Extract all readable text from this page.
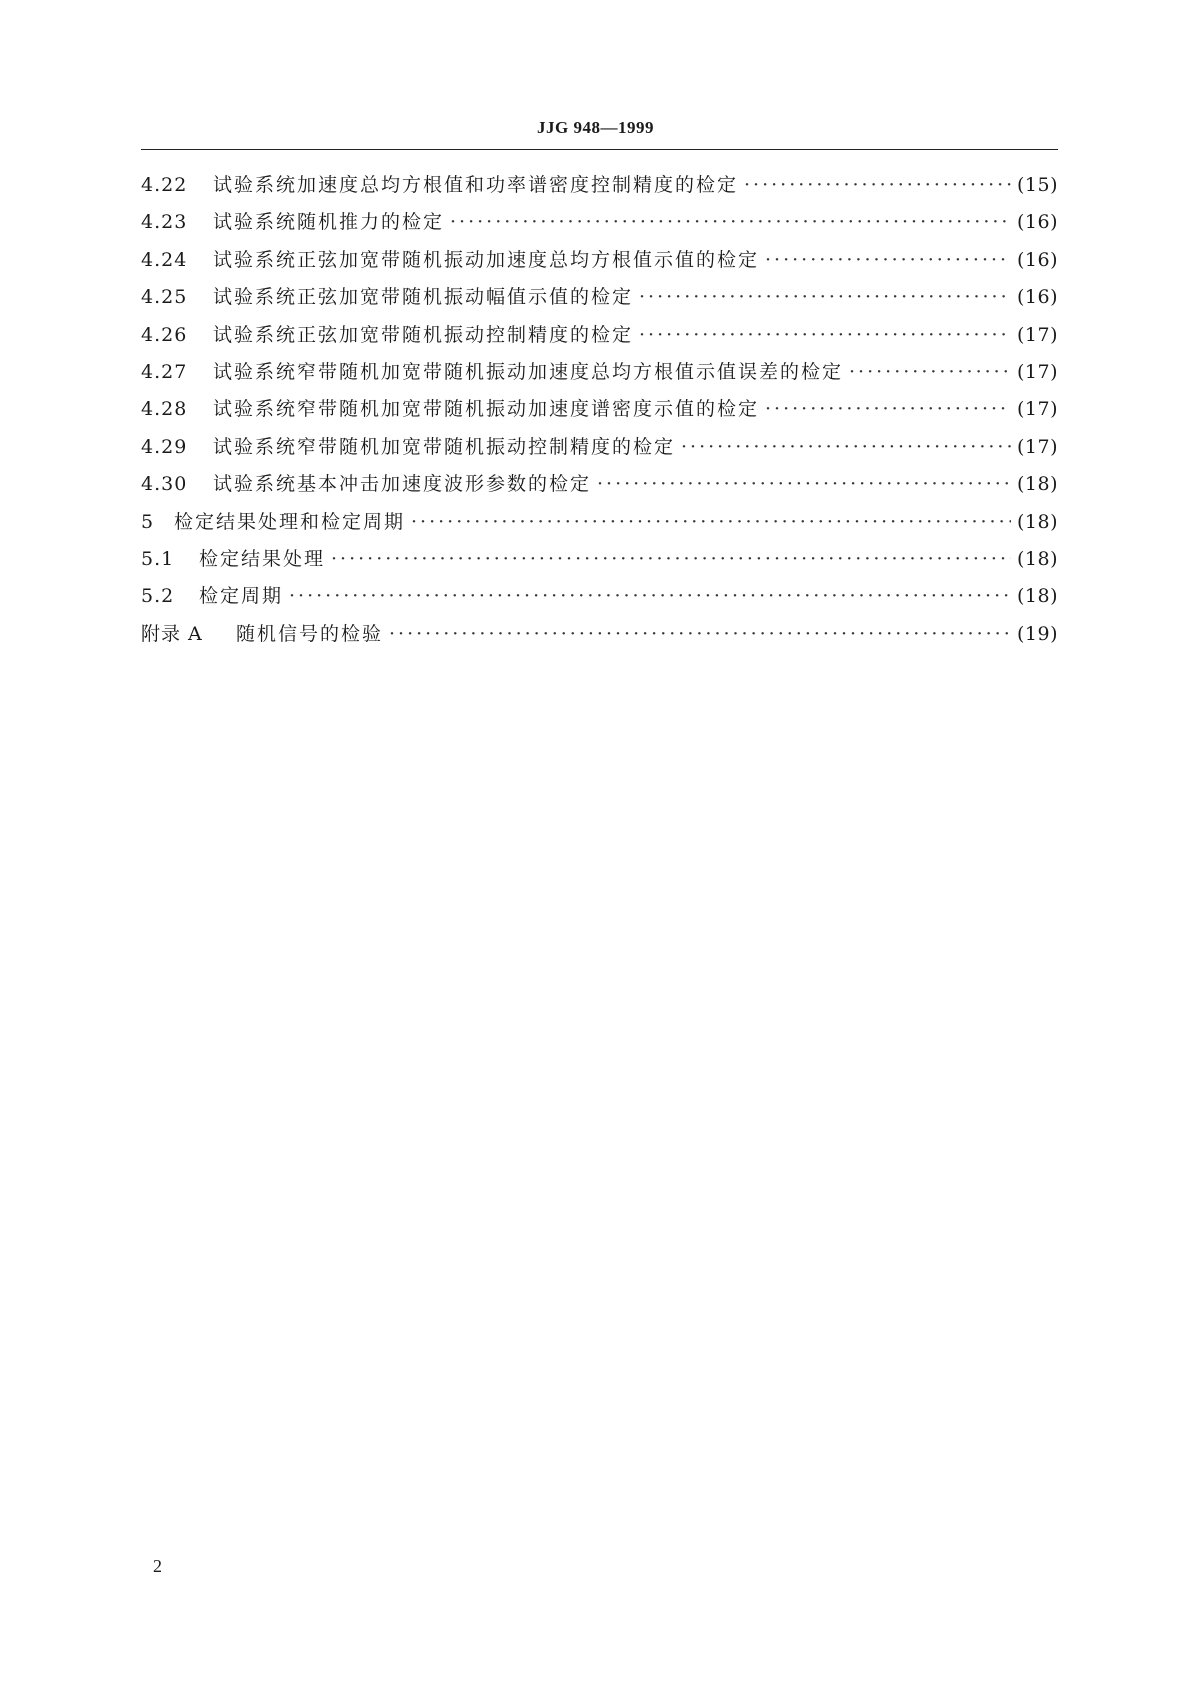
JJG 948—1999
4.22	试验系统加速度总均方根值和功率谱密度控制精度的检定 ·····	(15)
4.23	试验系统随机推力的检定 ·····	(16)
4.24	试验系统正弦加宽带随机振动加速度总均方根值示值的检定 ·····	(16)
4.25	试验系统正弦加宽带随机振动幅值示值的检定 ·····	(16)
4.26	试验系统正弦加宽带随机振动控制精度的检定 ·····	(17)
4.27	试验系统窄带随机加宽带随机振动加速度总均方根值示值误差的检定 ·····	(17)
4.28	试验系统窄带随机加宽带随机振动加速度谱密度示值的检定 ·····	(17)
4.29	试验系统窄带随机加宽带随机振动控制精度的检定 ·····	(17)
4.30	试验系统基本冲击加速度波形参数的检定 ·····	(18)
5	检定结果处理和检定周期 ·····	(18)
5.1	检定结果处理 ·····	(18)
5.2	检定周期 ·····	(18)
附录 A	随机信号的检验 ·····	(19)
2
